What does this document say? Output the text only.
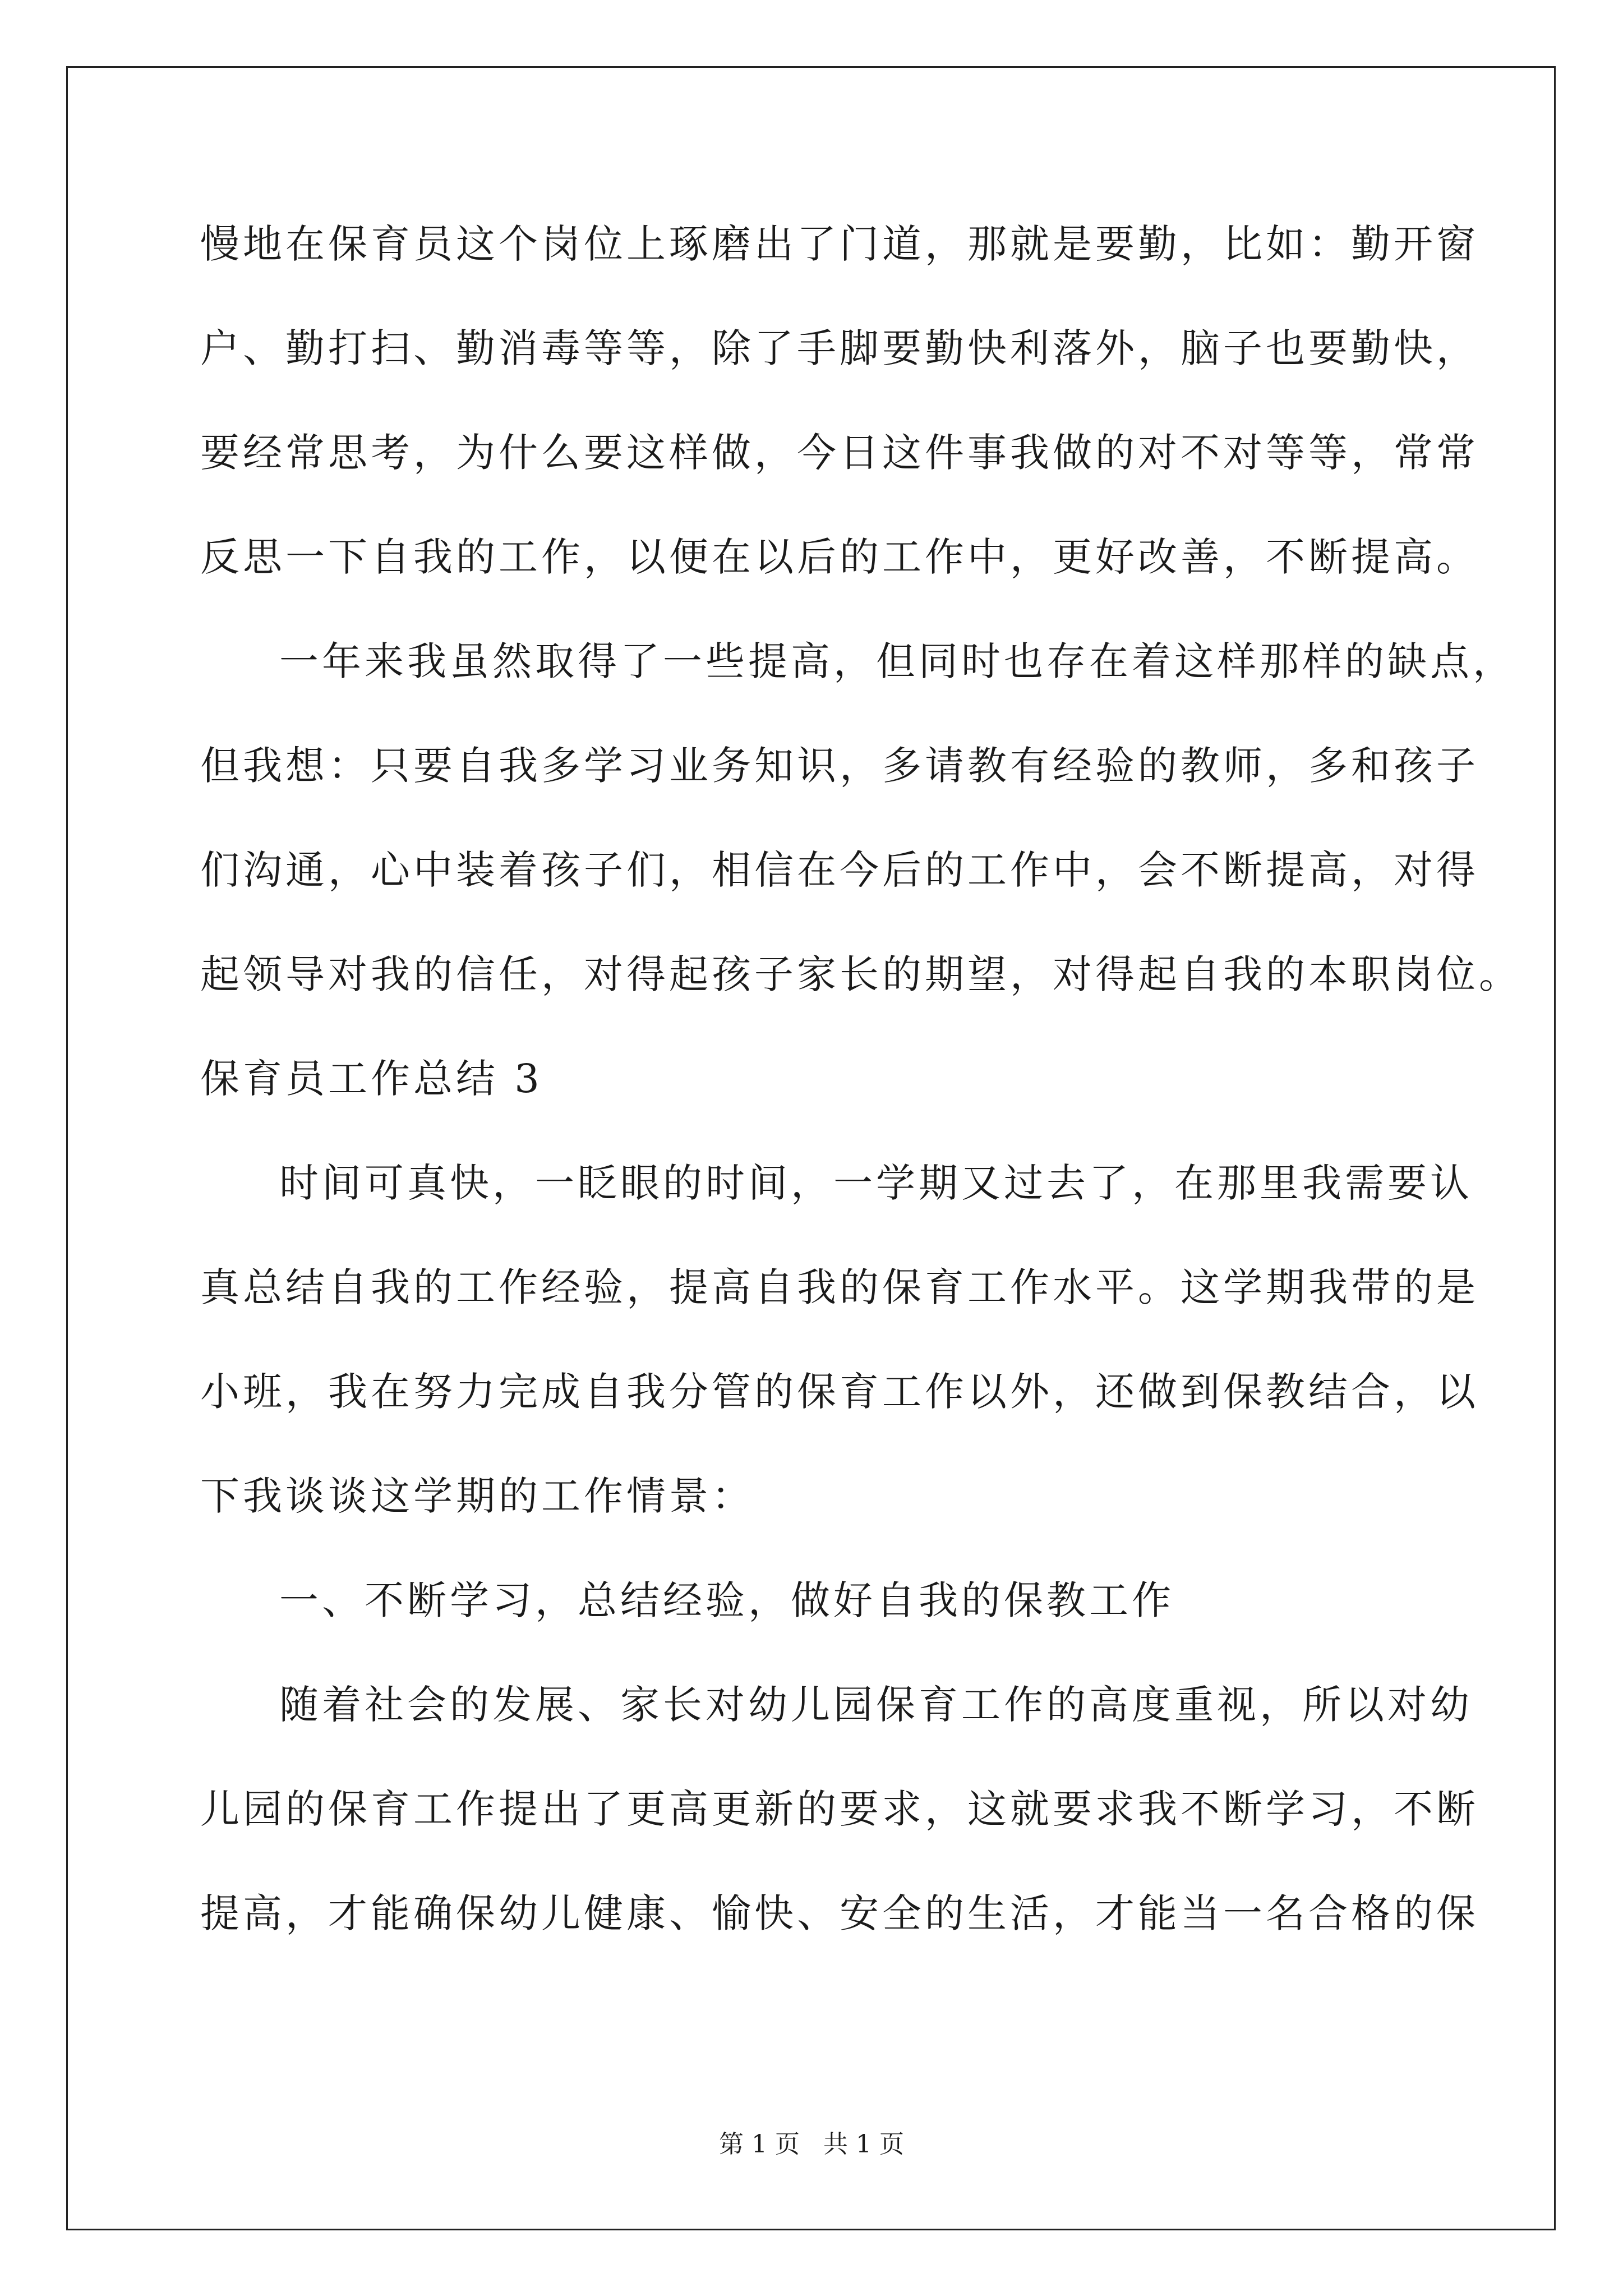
慢地在保育员这个岗位上琢磨出了门道，那就是要勤，比如：勤开窗
户、勤打扫、勤消毒等等，除了手脚要勤快利落外，脑子也要勤快，
要经常思考，为什么要这样做，今日这件事我做的对不对等等，常常
反思一下自我的工作，以便在以后的工作中，更好改善，不断提高。
一年来我虽然取得了一些提高，但同时也存在着这样那样的缺点，
但我想：只要自我多学习业务知识，多请教有经验的教师，多和孩子
们沟通，心中装着孩子们，相信在今后的工作中，会不断提高，对得
起领导对我的信任，对得起孩子家长的期望，对得起自我的本职岗位。
保育员工作总结 3
时间可真快，一眨眼的时间，一学期又过去了，在那里我需要认
真总结自我的工作经验，提高自我的保育工作水平。这学期我带的是
小班，我在努力完成自我分管的保育工作以外，还做到保教结合，以
下我谈谈这学期的工作情景：
一、不断学习，总结经验，做好自我的保教工作
随着社会的发展、家长对幼儿园保育工作的高度重视，所以对幼
儿园的保育工作提出了更高更新的要求，这就要求我不断学习，不断
提高，才能确保幼儿健康、愉快、安全的生活，才能当一名合格的保
第 1 页   共 1 页
